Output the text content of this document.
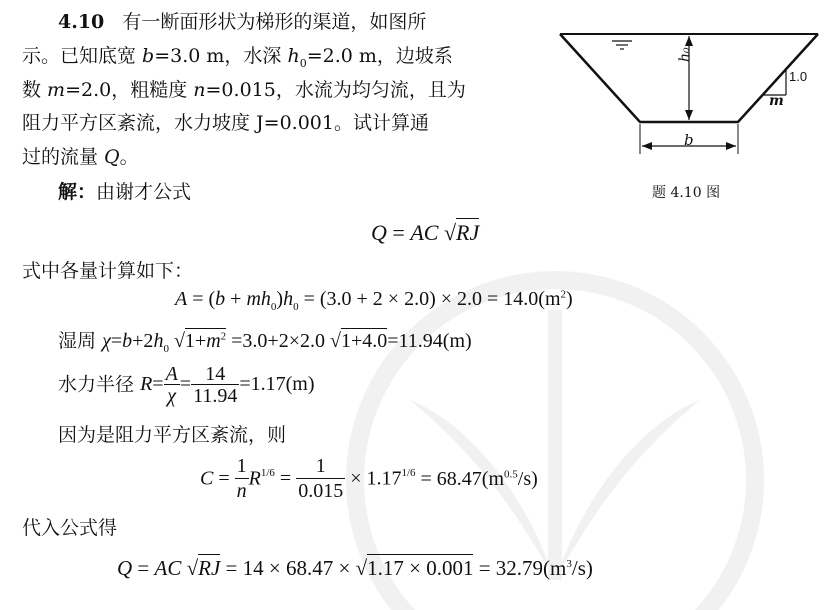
4.10 有一断面形状为梯形的渠道，如图所
示。已知底宽 b=3.0 m，水深 $h_0=2.0$ m，边坡系
数 m=2.0，粗糙度 n=0.015，水流为均匀流，且为
阻力平方区紊流，水力坡度 J=0.001。试计算通
过的流量 Q。
h₀
b
1.0
m
题 4.10 图
解：由谢才公式
Q = AC √RJ
式中各量计算如下：
$A = (b + mh_0)h_0 = (3.0 + 2 \times 2.0) \times 2.0 = 14.0(m^2)$
湿周 $\chi=b+2h_0$ $√1+m^2 =3.0+2\times 2.0$ √1+4.0=11.94(m)
水力半径 $R= \frac{A}{\chi} = \frac{14}{11.94} =1.17(m)$
因为是阻力平方区紊流，则
$C = \frac{1}{n} R^{1/6} = \frac{1}{0.015} \times 1.17^{1/6} = 68.47(m^{0.5}/s)$
代入公式得
Q = AC $√RJ = 14 \times 68.47 \times √1.17 \times 0.001 = 32.79(m^3/s)$
